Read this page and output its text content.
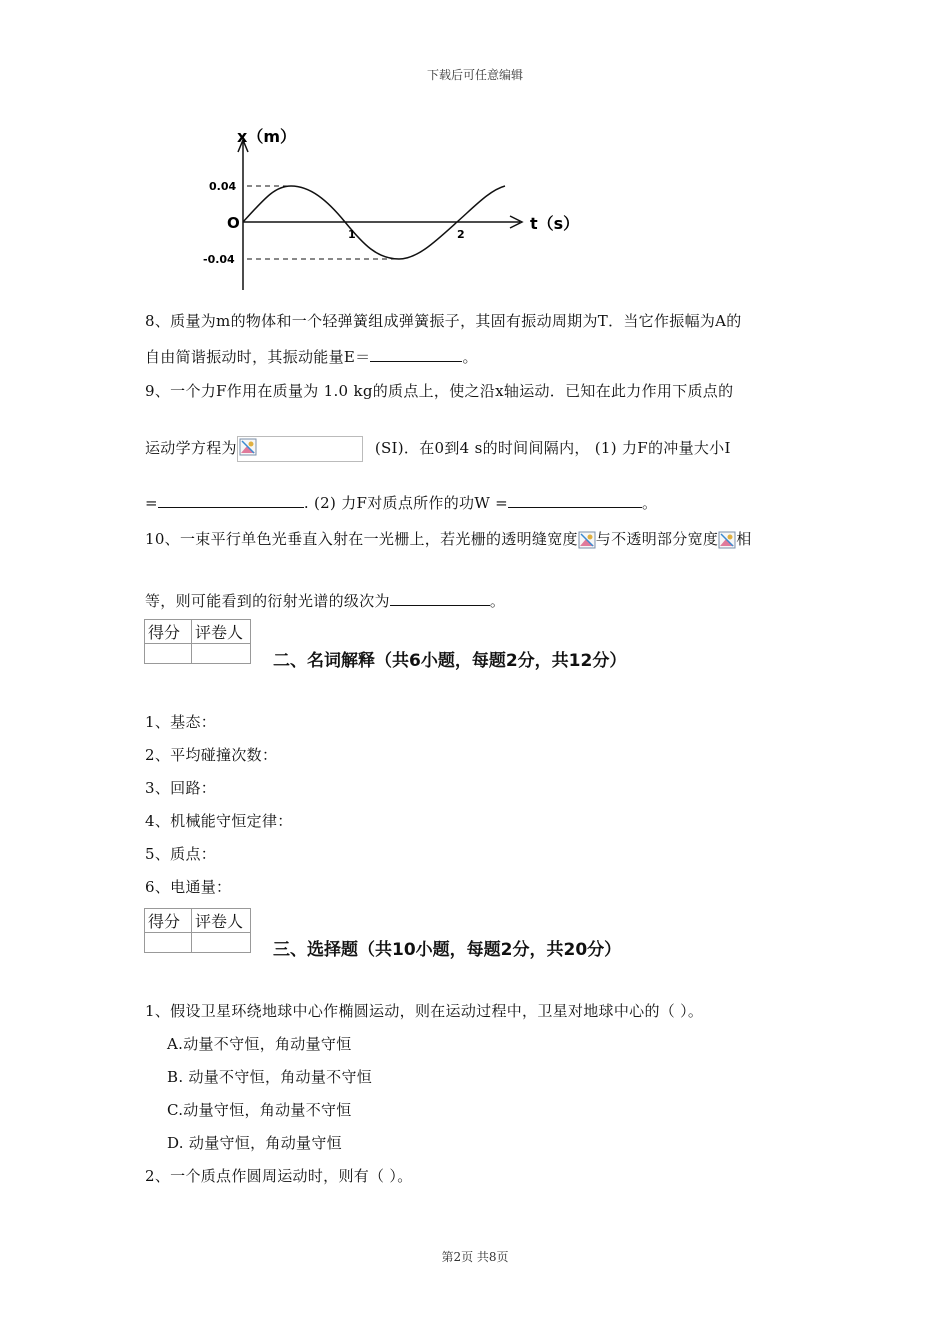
下载后可任意编辑
x（m）
t（s）
O
0.04
-0.04
1	2
8、质量为m的物体和一个轻弹簧组成弹簧振子，其固有振动周期为T．当它作振幅为A的
自由简谐振动时，其振动能量E＝	。
9、一个力F作用在质量为 1.0 kg的质点上，使之沿x轴运动．已知在此力作用下质点的
运动学方程为	(SI)．在0到4 s的时间间隔内， (1) 力F的冲量大小I
=	. (2) 力F对质点所作的功W =	。
10、一束平行单色光垂直入射在一光栅上，若光栅的透明缝宽度 与不透明部分宽度 相
等，则可能看到的衍射光谱的级次为	。
得分	评卷人

二、名词解释（共6小题，每题2分，共12分）
1、基态：
2、平均碰撞次数：
3、回路：
4、机械能守恒定律：
5、质点：
6、电通量：
得分	评卷人

三、选择题（共10小题，每题2分，共20分）
1、假设卫星环绕地球中心作椭圆运动，则在运动过程中，卫星对地球中心的（ ）。
A.动量不守恒，角动量守恒
B. 动量不守恒，角动量不守恒
C.动量守恒，角动量不守恒
D. 动量守恒，角动量守恒
2、一个质点作圆周运动时，则有（ ）。
第2页 共8页
